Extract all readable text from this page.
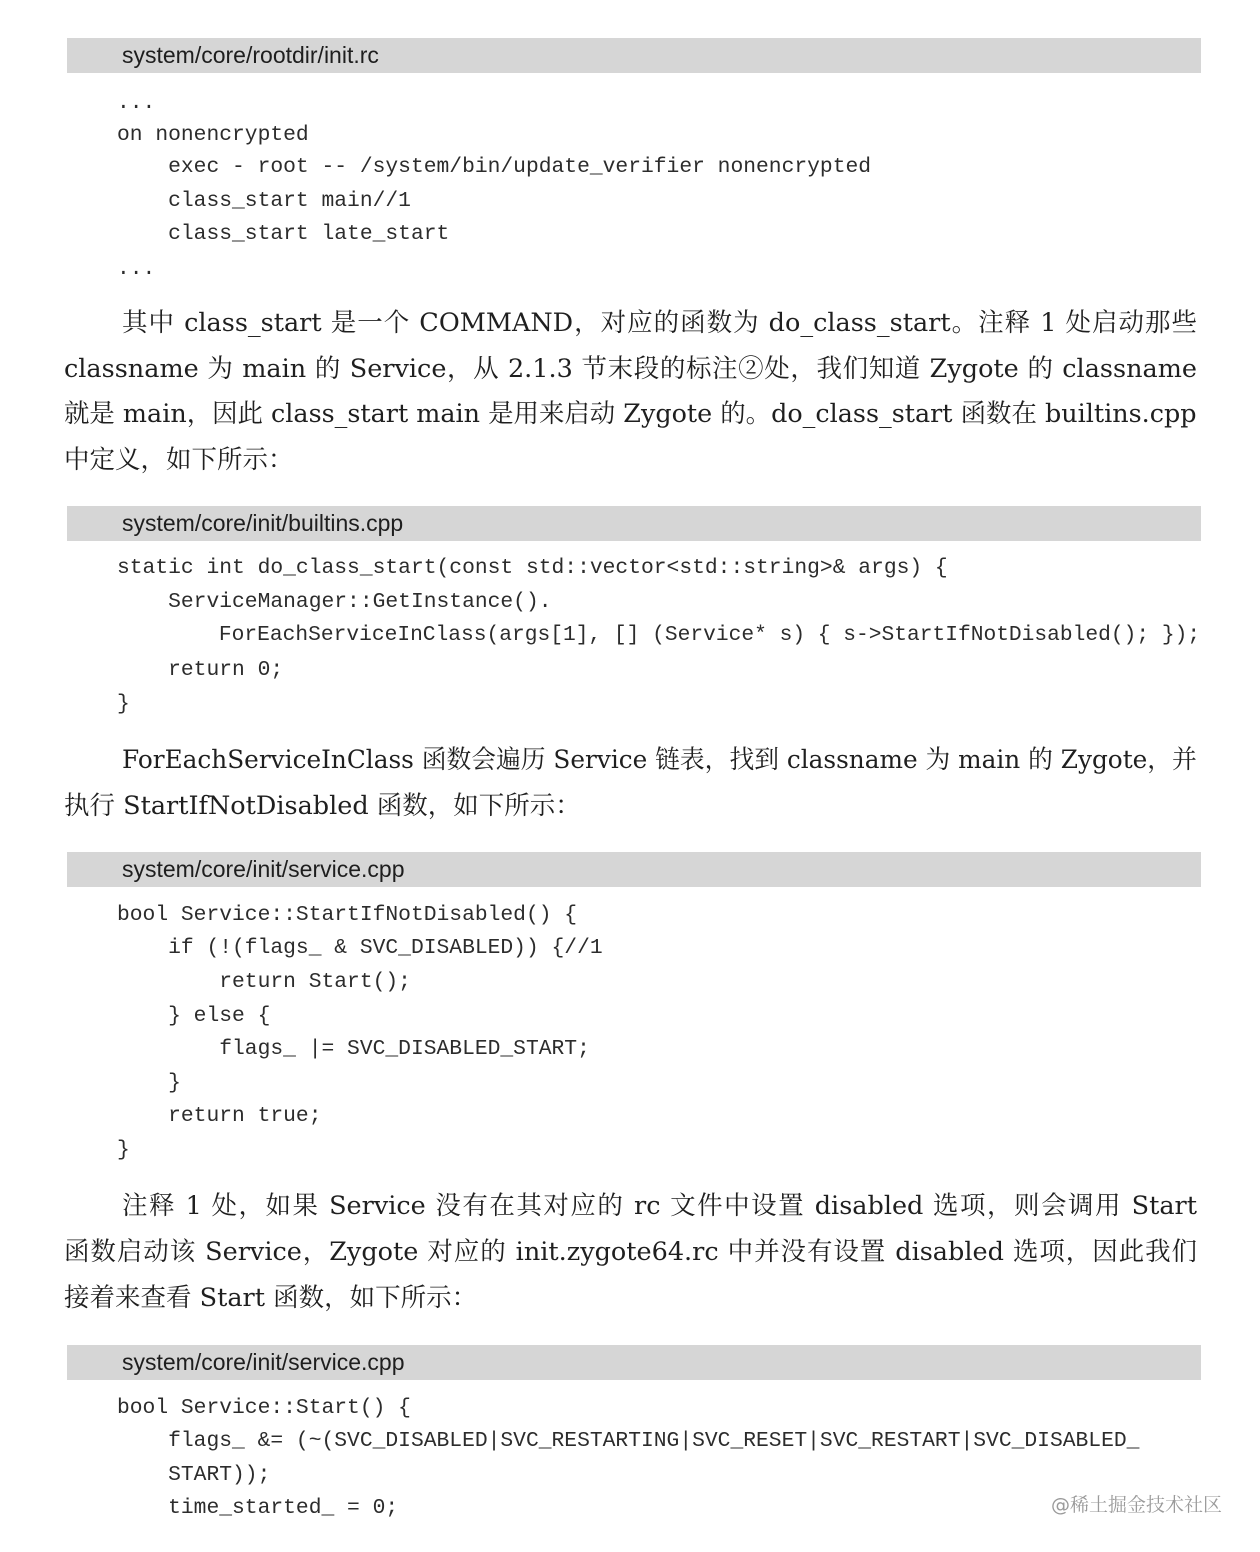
system/core/rootdir/init.rc
...
on nonencrypted
exec - root -- /system/bin/update_verifier nonencrypted
class_start main//1
class_start late_start
...
其中 class_start 是一个 COMMAND，对应的函数为 do_class_start。注释 1 处启动那些
classname 为 main 的 Service，从 2.1.3 节末段的标注②处，我们知道 Zygote 的 classname
就是 main，因此 class_start main 是用来启动 Zygote 的。do_class_start 函数在 builtins.cpp
中定义，如下所示：
system/core/init/builtins.cpp
static int do_class_start(const std::vector<std::string>& args) {
ServiceManager::GetInstance().
ForEachServiceInClass(args[1], [] (Service* s) { s->StartIfNotDisabled(); });
return 0;
}
ForEachServiceInClass 函数会遍历 Service 链表，找到 classname 为 main 的 Zygote，并
执行 StartIfNotDisabled 函数，如下所示：
system/core/init/service.cpp
bool Service::StartIfNotDisabled() {
if (!(flags_ & SVC_DISABLED)) {//1
return Start();
} else {
flags_ |= SVC_DISABLED_START;
}
return true;
}
注释 1 处，如果 Service 没有在其对应的 rc 文件中设置 disabled 选项，则会调用 Start
函数启动该 Service，Zygote 对应的 init.zygote64.rc 中并没有设置 disabled 选项，因此我们
接着来查看 Start 函数，如下所示：
system/core/init/service.cpp
bool Service::Start() {
flags_ &= (~(SVC_DISABLED|SVC_RESTARTING|SVC_RESET|SVC_RESTART|SVC_DISABLED_
START));
time_started_ = 0;	@稀土掘金技术社区
